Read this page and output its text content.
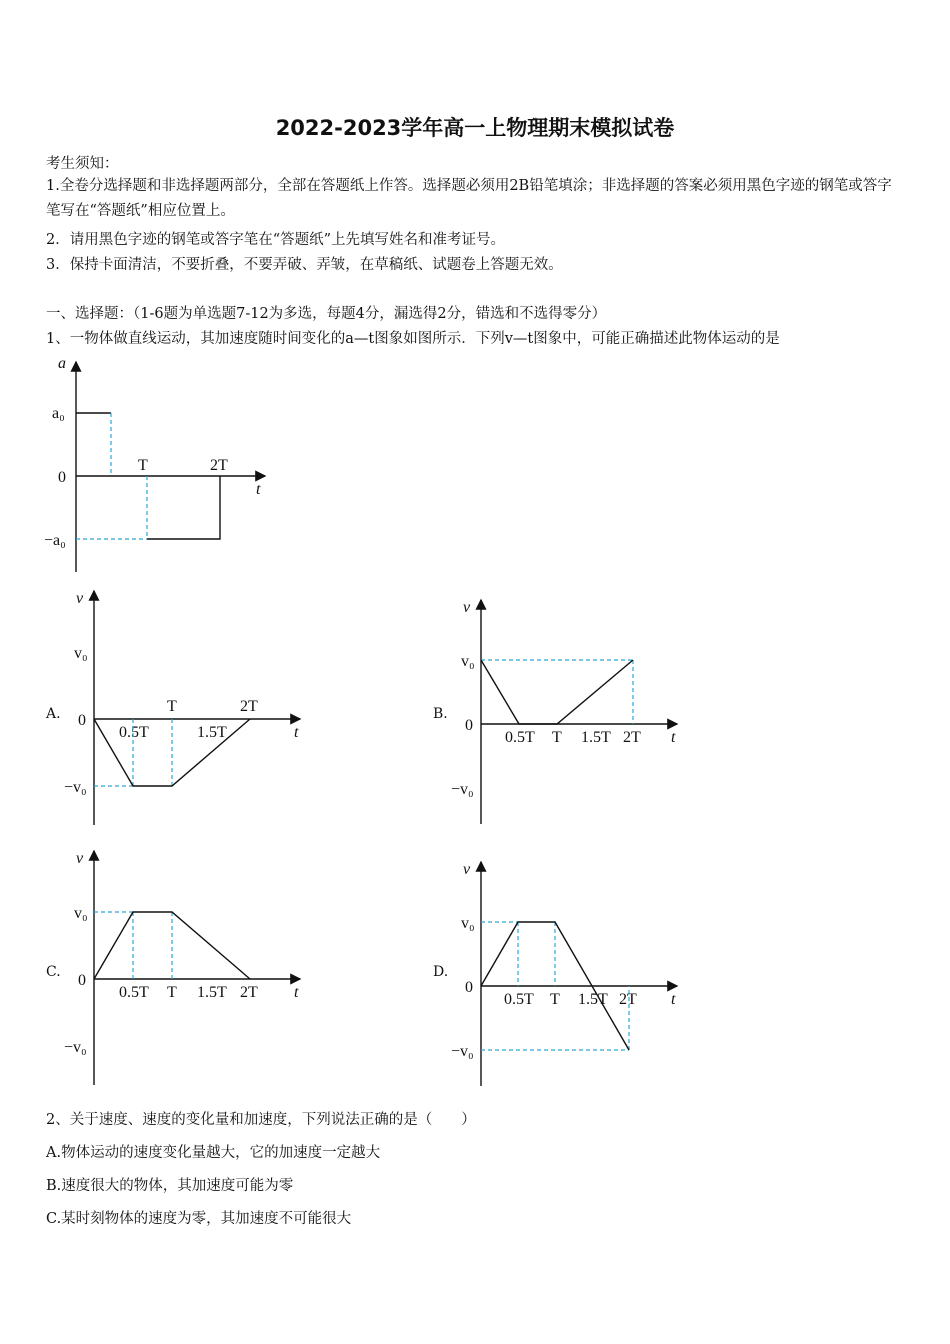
2022-2023学年高一上物理期末模拟试卷
考生须知：
1.全卷分选择题和非选择题两部分，全部在答题纸上作答。选择题必须用2B铅笔填涂；非选择题的答案必须用黑色字迹的钢笔或答字笔写在“答题纸”相应位置上。
2．请用黑色字迹的钢笔或答字笔在“答题纸”上先填写姓名和准考证号。
3．保持卡面清洁，不要折叠，不要弄破、弄皱，在草稿纸、试题卷上答题无效。
一、选择题：（1-6题为单选题7-12为多选，每题4分，漏选得2分，错选和不选得零分）
1、一物体做直线运动，其加速度随时间变化的a—t图象如图所示．下列v—t图象中，可能正确描述此物体运动的是
a
a₀
0
−a₀
t
T	2T
A.
v
v₀
−v₀
0
t
0.5T
T
1.5T
2T	B.
v
v₀
−v₀
0
t
0.5T T 1.5T 2T
C.
v
v₀
−v₀
0
t
0.5T T 1.5T 2T
D.
v
v₀
−v₀
0
t
0.5T T 1.5T 2T
2、关于速度、速度的变化量和加速度，下列说法正确的是（　　）
A.物体运动的速度变化量越大，它的加速度一定越大
B.速度很大的物体，其加速度可能为零
C.某时刻物体的速度为零，其加速度不可能很大
